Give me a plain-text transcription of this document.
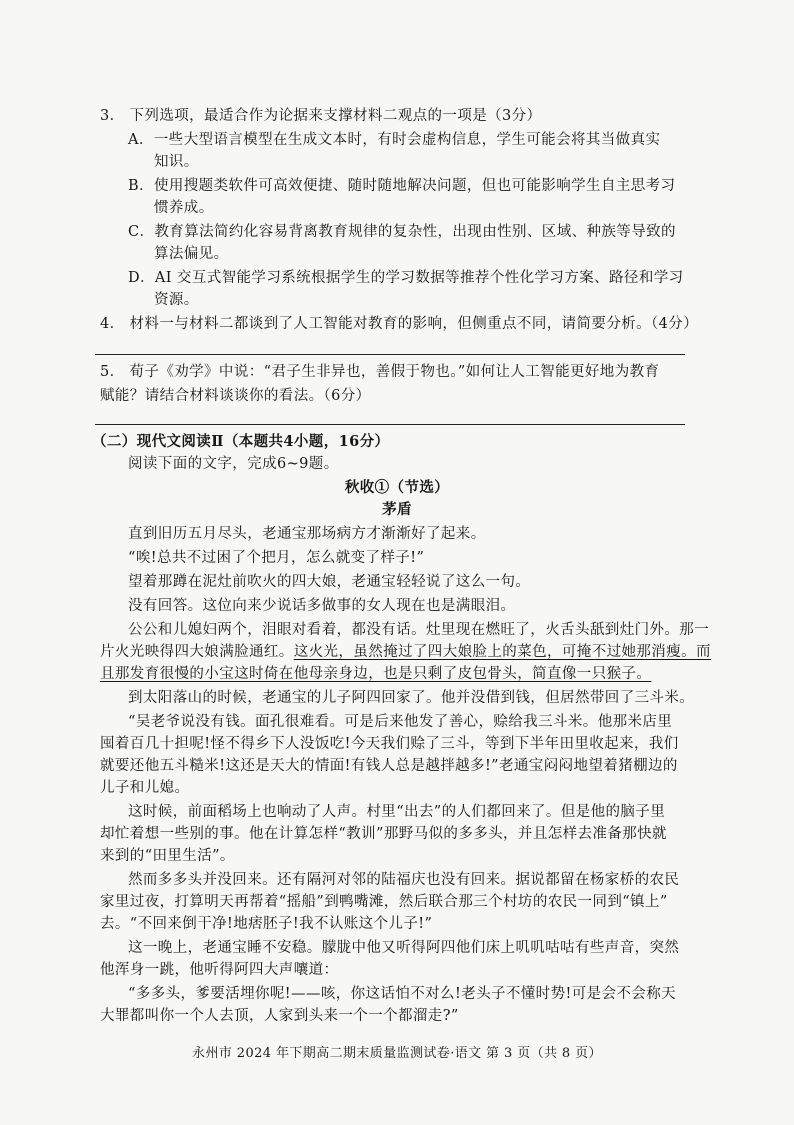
3． 下列选项，最适合作为论据来支撑材料二观点的一项是（3分）
A．一些大型语言模型在生成文本时，有时会虚构信息，学生可能会将其当做真实
知识。
B．使用搜题类软件可高效便捷、随时随地解决问题，但也可能影响学生自主思考习
惯养成。
C．教育算法简约化容易背离教育规律的复杂性，出现由性别、区域、种族等导致的
算法偏见。
D．AI 交互式智能学习系统根据学生的学习数据等推荐个性化学习方案、路径和学习
资源。
4． 材料一与材料二都谈到了人工智能对教育的影响，但侧重点不同，请简要分析。（4分）
5． 荀子《劝学》中说：“君子生非异也，善假于物也。”如何让人工智能更好地为教育
赋能？请结合材料谈谈你的看法。（6分）
（二）现代文阅读Ⅱ（本题共4小题，16分）
阅读下面的文字，完成6~9题。
秋收①（节选）
茅盾
直到旧历五月尽头，老通宝那场病方才渐渐好了起来。
“唉!总共不过困了个把月，怎么就变了样子!”
望着那蹲在泥灶前吹火的四大娘，老通宝轻轻说了这么一句。
没有回答。这位向来少说话多做事的女人现在也是满眼泪。
公公和儿媳妇两个，泪眼对看着，都没有话。灶里现在燃旺了，火舌头舐到灶门外。那一
片火光映得四大娘满脸通红。这火光，虽然掩过了四大娘脸上的菜色，可掩不过她那消瘦。而
且那发育很慢的小宝这时倚在他母亲身边，也是只剩了皮包骨头，简直像一只猴子。
到太阳落山的时候，老通宝的儿子阿四回家了。他并没借到钱，但居然带回了三斗米。
“吴老爷说没有钱。面孔很难看。可是后来他发了善心，赊给我三斗米。他那米店里
囤着百几十担呢!怪不得乡下人没饭吃!今天我们赊了三斗，等到下半年田里收起来，我们
就要还他五斗糙米!这还是天大的情面!有钱人总是越拌越多!”老通宝闷闷地望着猪棚边的
儿子和儿媳。
这时候，前面稻场上也响动了人声。村里“出去”的人们都回来了。但是他的脑子里
却忙着想一些别的事。他在计算怎样“教训”那野马似的多多头，并且怎样去准备那快就
来到的“田里生活”。
然而多多头并没回来。还有隔河对邻的陆福庆也没有回来。据说都留在杨家桥的农民
家里过夜，打算明天再帮着“摇船”到鸭嘴滩，然后联合那三个村坊的农民一同到“镇上”
去。“不回来倒干净!地痞胚子!我不认账这个儿子!”
这一晚上，老通宝睡不安稳。朦胧中他又听得阿四他们床上叽叽咕咕有些声音，突然
他浑身一跳，他听得阿四大声嚷道：
“多多头，爹要活埋你呢!——咳，你这话怕不对么!老头子不懂时势!可是会不会称天
大罪都叫你一个人去顶，人家到头来一个一个都溜走?”
永州市 2024 年下期高二期末质量监测试卷·语文 第 3 页（共 8 页）
